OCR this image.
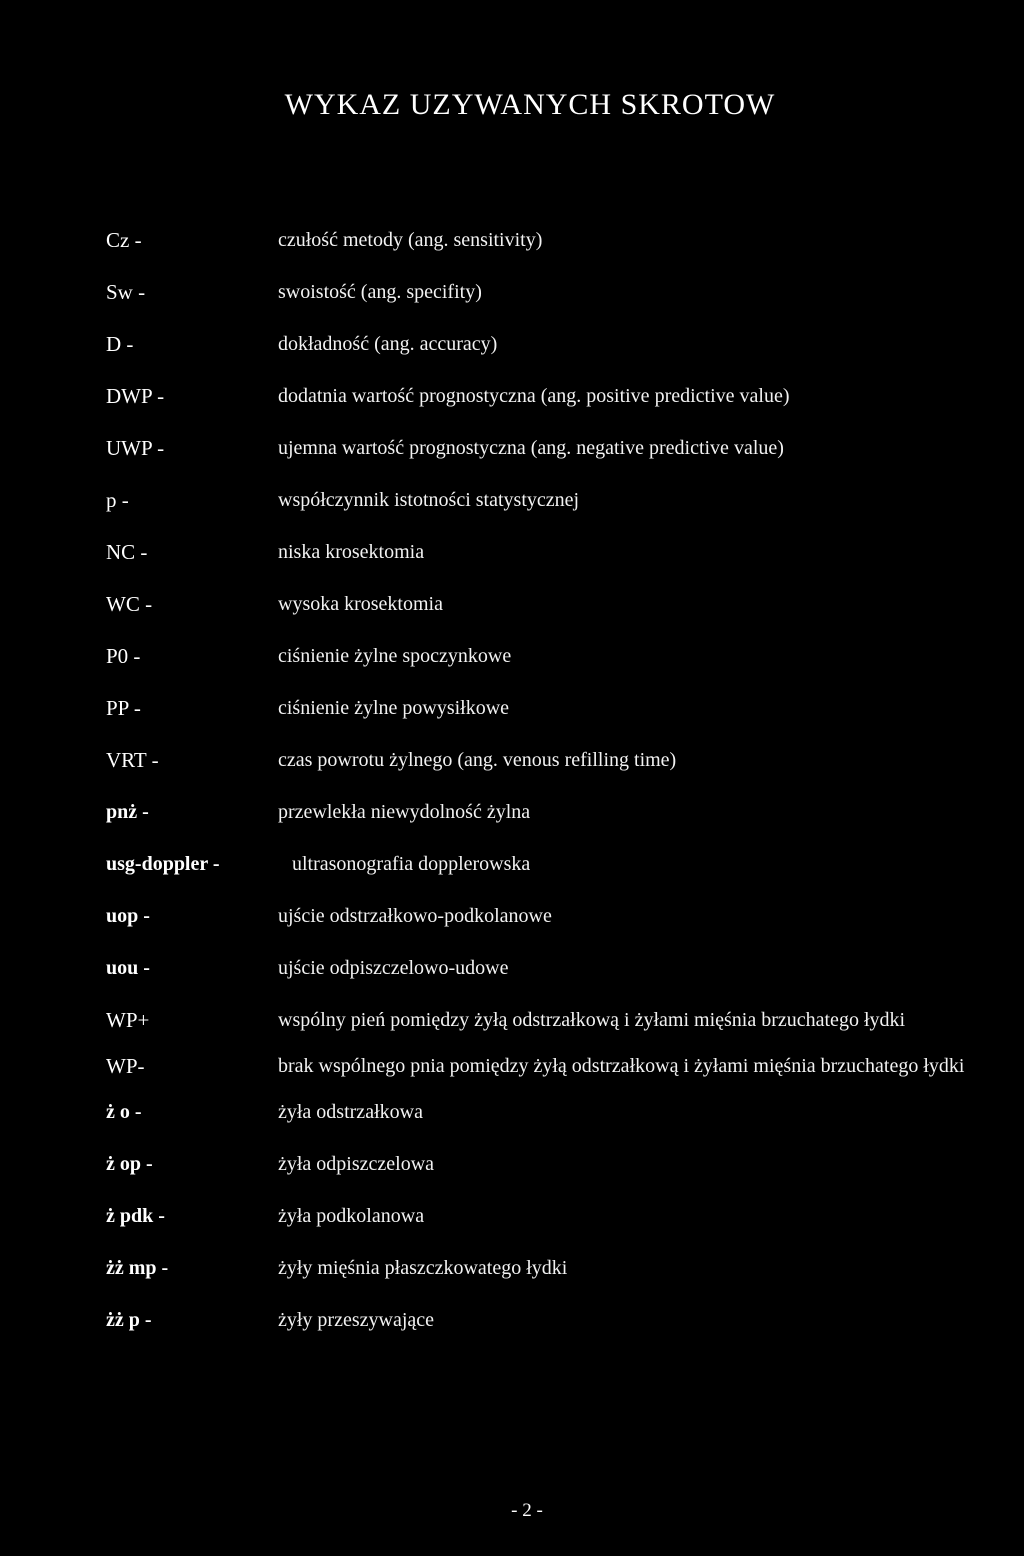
WYKAZ UZYWANYCH SKROTOW
Cz -	czułość metody (ang. sensitivity)
Sw -	swoistość (ang. specifity)
D -	dokładność (ang. accuracy)
DWP -	dodatnia wartość prognostyczna (ang. positive predictive value)
UWP -	ujemna wartość prognostyczna (ang. negative predictive value)
p -	współczynnik istotności statystycznej
NC -	niska krosektomia
WC -	wysoka krosektomia
P0 -	ciśnienie żylne spoczynkowe
PP -	ciśnienie żylne powysiłkowe
VRT -	czas powrotu żylnego (ang. venous refilling time)
pnż -	przewlekła niewydolność żylna
usg-doppler -	ultrasonografia dopplerowska
uop -	ujście odstrzałkowo-podkolanowe
uou -	ujście odpiszczelowo-udowe
WP+	wspólny pień pomiędzy żyłą odstrzałkową i żyłami mięśnia brzuchatego łydki
WP-	brak wspólnego pnia pomiędzy żyłą odstrzałkową i żyłami mięśnia brzuchatego łydki
ż o -	żyła odstrzałkowa
ż op -	żyła odpiszczelowa
ż pdk -	żyła podkolanowa
żż mp -	żyły mięśnia płaszczkowatego łydki
żż p -	żyły przeszywające
- 2 -
